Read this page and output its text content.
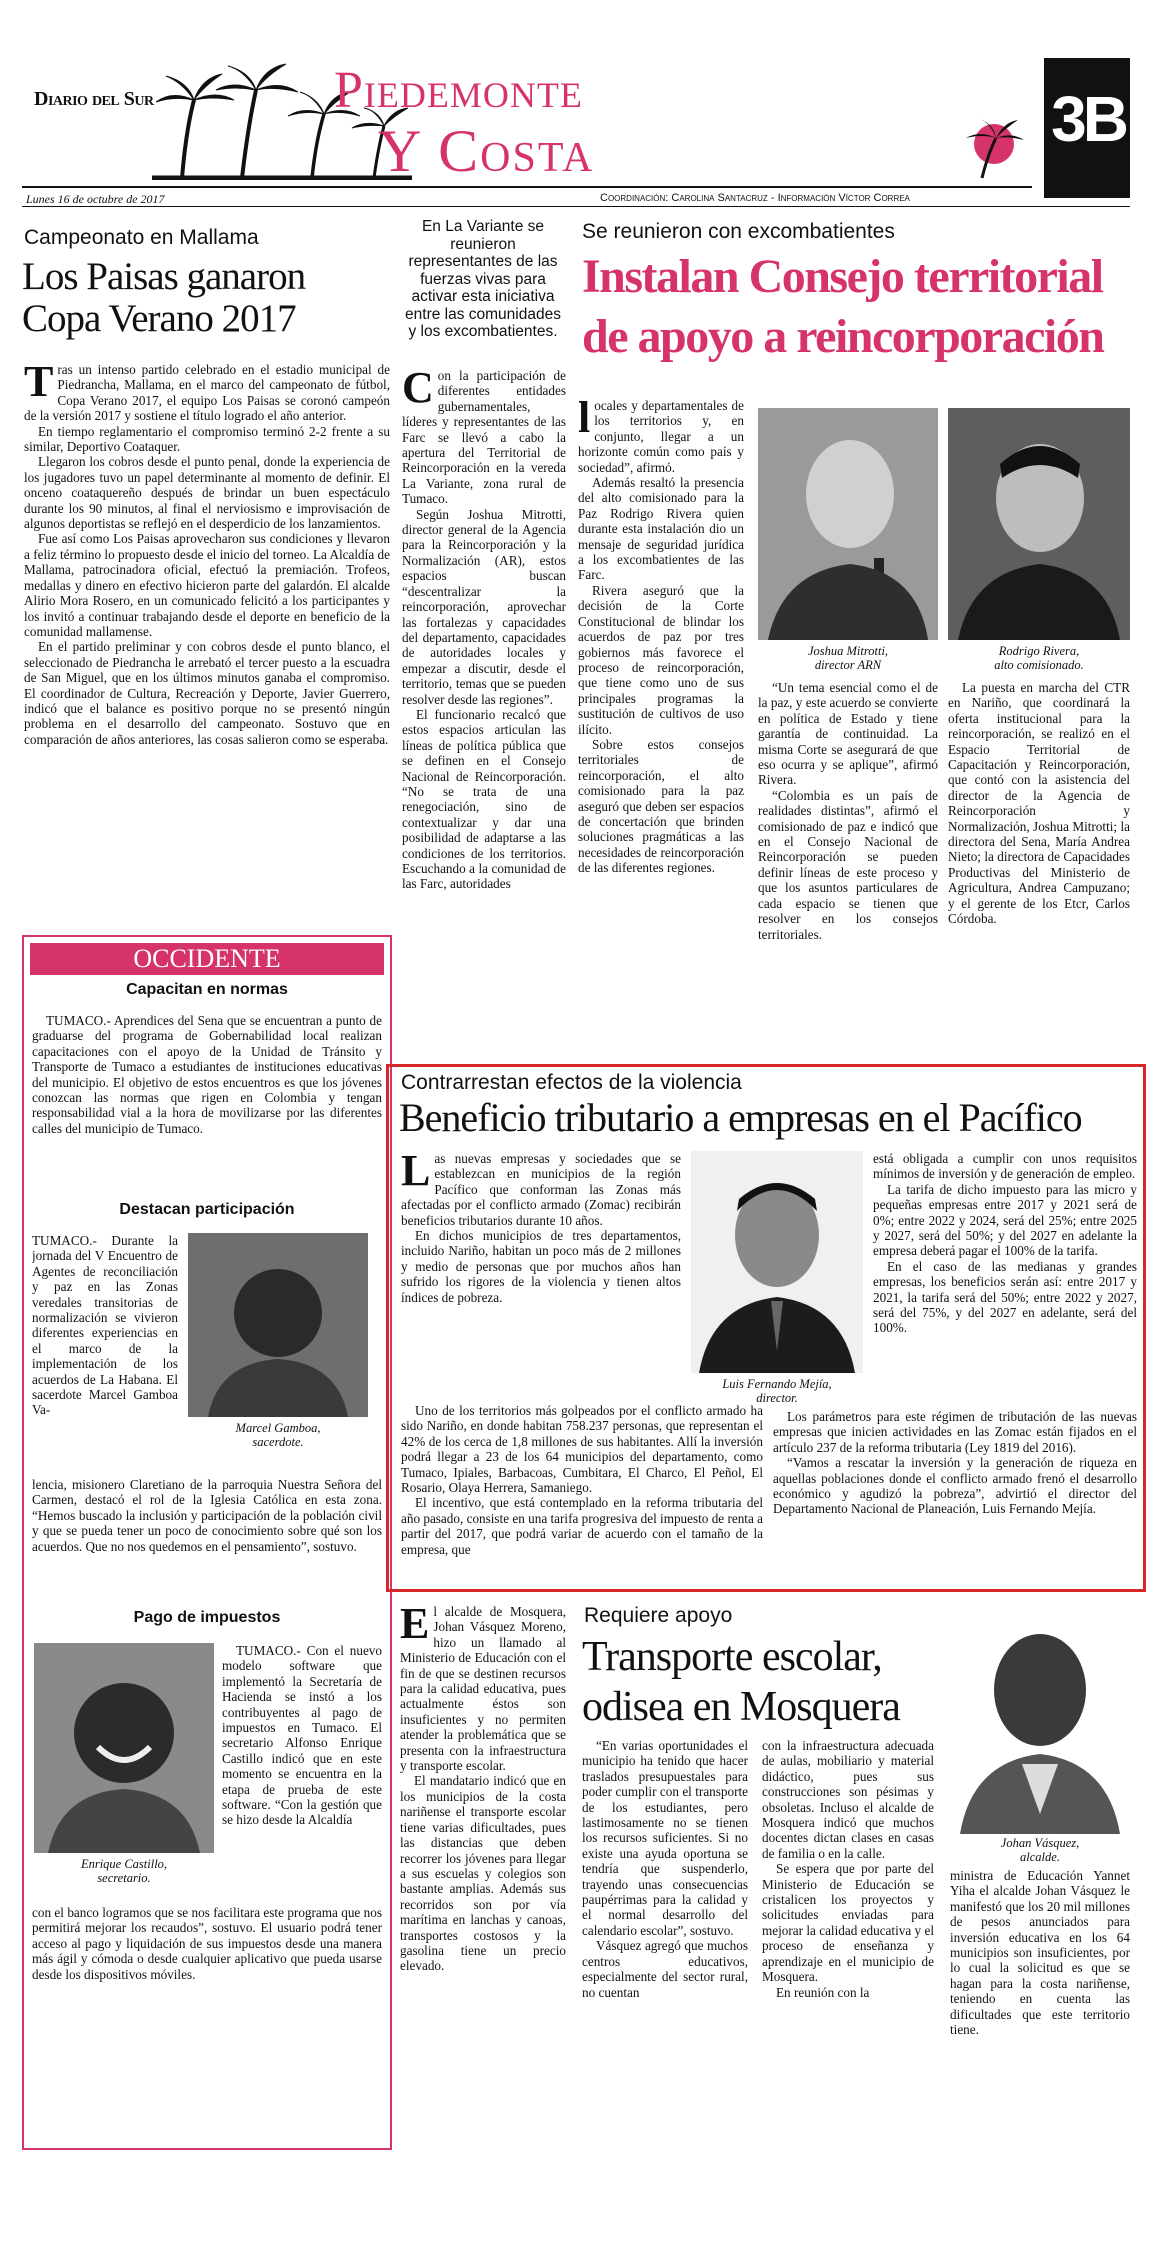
Diario del Sur	Piedemonte
Y Costa	3B
Lunes 16 de octubre de 2017	Coordinación: Carolina Santacruz - Información Víctor Correa
Campeonato en Mallama
Los Paisas ganaron Copa Verano 2017

Tras un intenso partido celebrado en el estadio municipal de Piedrancha, Mallama, en el marco del campeonato de fútbol, Copa Verano 2017, el equipo Los Paisas se coronó campeón de la versión 2017 y sostiene el título logrado el año anterior.

En tiempo reglamentario el compromiso terminó 2-2 frente a su similar, Deportivo Coataquer.

Llegaron los cobros desde el punto penal, donde la experiencia de los jugadores tuvo un papel determinante al momento de definir. El onceno coataquereño después de brindar un buen espectáculo durante los 90 minutos, al final el nerviosismo e improvisación de algunos deportistas se reflejó en el desperdicio de los lanzamientos.

Fue así como Los Paisas aprovecharon sus condiciones y llevaron a feliz término lo propuesto desde el inicio del torneo. La Alcaldía de Mallama, patrocinadora oficial, efectuó la premiación. Trofeos, medallas y dinero en efectivo hicieron parte del galardón. El alcalde Alirio Mora Rosero, en un comunicado felicitó a los participantes y los invitó a continuar trabajando desde el deporte en beneficio de la comunidad mallamense.

En el partido preliminar y con cobros desde el punto blanco, el seleccionado de Piedrancha le arrebató el tercer puesto a la escuadra de San Miguel, que en los últimos minutos ganaba el compromiso. El coordinador de Cultura, Recreación y Deporte, Javier Guerrero, indicó que el balance es positivo porque no se presentó ningún problema en el desarrollo del campeonato. Sostuvo que en comparación de años anteriores, las cosas salieron como se esperaba.

OCCIDENTE
Capacitan en normas
TUMACO.- Aprendices del Sena que se encuentran a punto de graduarse del programa de Gobernabilidad local realizan capacitaciones con el apoyo de la Unidad de Tránsito y Transporte de Tumaco a estudiantes de instituciones educativas del municipio. El objetivo de estos encuentros es que los jóvenes conozcan las normas que rigen en Colombia y tengan responsabilidad vial a la hora de movilizarse por las diferentes calles del municipio de Tumaco.
Destacan participación
TUMACO.- Durante la jornada del V Encuentro de Agentes de reconciliación y paz en las Zonas veredales transitorias de normalización se vivieron diferentes experiencias en el marco de la implementación de los acuerdos de La Habana. El sacerdote Marcel Gamboa Va-
Marcel Gamboa,
sacerdote.
lencia, misionero Claretiano de la parroquia Nuestra Señora del Carmen, destacó el rol de la Iglesia Católica en esta zona. “Hemos buscado la inclusión y participación de la población civil y que se pueda tener un poco de conocimiento sobre qué son los acuerdos. Que no nos quedemos en el pensamiento”, sostuvo.
Pago de impuestos
Enrique Castillo,
secretario.
TUMACO.- Con el nuevo modelo software que implementó la Secretaría de Hacienda se instó a los contribuyentes al pago de impuestos en Tumaco. El secretario Alfonso Enrique Castillo indicó que en este momento se encuentra en la etapa de prueba de este software. “Con la gestión que se hizo desde la Alcaldía
con el banco logramos que se nos facilitara este programa que nos permitirá mejorar los recaudos”, sostuvo. El usuario podrá tener acceso al pago y liquidación de sus impuestos desde una manera más ágil y cómoda o desde cualquier aplicativo que pueda usarse desde los dispositivos móviles.
En La Variante se reunieron representantes de las fuerzas vivas para activar esta iniciativa entre las comunidades y los excombatientes.
Se reunieron con excombatientes
Instalan Consejo territorial
de apoyo a reincorporación

Con la participación de diferentes entidades gubernamentales, líderes y representantes de las Farc se llevó a cabo la apertura del Territorial de Reincorporación en la vereda La Variante, zona rural de Tumaco.

Según Joshua Mitrotti, director general de la Agencia para la Reincorporación y la Normalización (AR), estos espacios buscan “descentralizar la reincorporación, aprovechar las fortalezas y capacidades del departamento, capacidades de autoridades locales y empezar a discutir, desde el territorio, temas que se pueden resolver desde las regiones”.

El funcionario recalcó que estos espacios articulan las líneas de política pública que se definen en el Consejo Nacional de Reincorporación. “No se trata de una renegociación, sino de contextualizar y dar una posibilidad de adaptarse a las condiciones de los territorios. Escuchando a la comunidad de las Farc, autoridades

locales y departamentales de los territorios y, en conjunto, llegar a un horizonte común como país y sociedad”, afirmó.

Además resaltó la presencia del alto comisionado para la Paz Rodrigo Rivera quien durante esta instalación dio un mensaje de seguridad jurídica a los excombatientes de las Farc.

Rivera aseguró que la decisión de la Corte Constitucional de blindar los acuerdos de paz por tres gobiernos más favorece el proceso de reincorporación, que tiene como uno de sus principales programas la sustitución de cultivos de uso ilícito.

Sobre estos consejos territoriales de reincorporación, el alto comisionado para la paz aseguró que deben ser espacios de concertación que brinden soluciones pragmáticas a las necesidades de reincorporación de las diferentes regiones.

Joshua Mitrotti,
director ARN
Rodrigo Rivera,
alto comisionado.

“Un tema esencial como el de la paz, y este acuerdo se convierte en política de Estado y tiene garantía de continuidad. La misma Corte se asegurará de que eso ocurra y se aplique”, afirmó Rivera.

“Colombia es un país de realidades distintas”, afirmó el comisionado de paz e indicó que en el Consejo Nacional de Reincorporación se pueden definir líneas de este proceso y que los asuntos particulares de cada espacio se tienen que resolver en los consejos territoriales.

La puesta en marcha del CTR en Nariño, que coordinará la oferta institucional para la reincorporación, se realizó en el Espacio Territorial de Capacitación y Reincorporación, que contó con la asistencia del director de la Agencia de Reincorporación y Normalización, Joshua Mitrotti; la directora del Sena, María Andrea Nieto; la directora de Capacidades Productivas del Ministerio de Agricultura, Andrea Campuzano; y el gerente de los Etcr, Carlos Córdoba.

Contrarrestan efectos de la violencia
Beneficio tributario a empresas en el Pacífico

Las nuevas empresas y sociedades que se establezcan en municipios de la región Pacífico que conforman las Zonas más afectadas por el conflicto armado (Zomac) recibirán beneficios tributarios durante 10 años.

En dichos municipios de tres departamentos, incluido Nariño, habitan un poco más de 2 millones y medio de personas que por muchos años han sufrido los rigores de la violencia y tienen altos índices de pobreza.

Luis Fernando Mejía,
director.

Uno de los territorios más golpeados por el conflicto armado ha sido Nariño, en donde habitan 758.237 personas, que representan el 42% de los cerca de 1,8 millones de sus habitantes. Allí la inversión podrá llegar a 23 de los 64 municipios del departamento, como Tumaco, Ipiales, Barbacoas, Cumbitara, El Charco, El Peñol, El Rosario, Olaya Herrera, Samaniego.

El incentivo, que está contemplado en la reforma tributaria del año pasado, consiste en una tarifa progresiva del impuesto de renta a partir del 2017, que podrá variar de acuerdo con el tamaño de la empresa, que

está obligada a cumplir con unos requisitos mínimos de inversión y de generación de empleo.

La tarifa de dicho impuesto para las micro y pequeñas empresas entre 2017 y 2021 será de 0%; entre 2022 y 2024, será del 25%; entre 2025 y 2027, será del 50%; y del 2027 en adelante la empresa deberá pagar el 100% de la tarifa.

En el caso de las medianas y grandes empresas, los beneficios serán así: entre 2017 y 2021, la tarifa será del 50%; entre 2022 y 2027, será del 75%, y del 2027 en adelante, será del 100%.

Los parámetros para este régimen de tributación de las nuevas empresas que inicien actividades en las Zomac están fijados en el artículo 237 de la reforma tributaria (Ley 1819 del 2016).

“Vamos a rescatar la inversión y la generación de riqueza en aquellas poblaciones donde el conflicto armado frenó el desarrollo económico y agudizó la pobreza”, advirtió el director del Departamento Nacional de Planeación, Luis Fernando Mejía.

El alcalde de Mosquera, Johan Vásquez Moreno, hizo un llamado al Ministerio de Educación con el fin de que se destinen recursos para la calidad educativa, pues actualmente éstos son insuficientes y no permiten atender la problemática que se presenta con la infraestructura y transporte escolar.

El mandatario indicó que en los municipios de la costa nariñense el transporte escolar tiene varias dificultades, pues las distancias que deben recorrer los jóvenes para llegar a sus escuelas y colegios son bastante amplias. Además sus recorridos son por vía marítima en lanchas y canoas, transportes costosos y la gasolina tiene un precio elevado.

Requiere apoyo
Transporte escolar,
odisea en Mosquera

“En varias oportunidades el municipio ha tenido que hacer traslados presupuestales para poder cumplir con el transporte de los estudiantes, pero lastimosamente no se tienen los recursos suficientes. Si no existe una ayuda oportuna se tendría que suspenderlo, trayendo unas consecuencias paupérrimas para la calidad y el normal desarrollo del calendario escolar”, sostuvo.

Vásquez agregó que muchos centros educativos, especialmente del sector rural, no cuentan

con la infraestructura adecuada de aulas, mobiliario y material didáctico, pues sus construcciones son pésimas y obsoletas. Incluso el alcalde de Mosquera indicó que muchos docentes dictan clases en casas de familia o en la calle.

Se espera que por parte del Ministerio de Educación se cristalicen los proyectos y solicitudes enviadas para mejorar la calidad educativa y el proceso de enseñanza y aprendizaje en el municipio de Mosquera.

En reunión con la

Johan Vásquez,
alcalde.

ministra de Educación Yannet Yiha el alcalde Johan Vásquez le manifestó que los 20 mil millones de pesos anunciados para inversión educativa en los 64 municipios son insuficientes, por lo cual la solicitud es que se hagan para la costa nariñense, teniendo en cuenta las dificultades que este territorio tiene.
